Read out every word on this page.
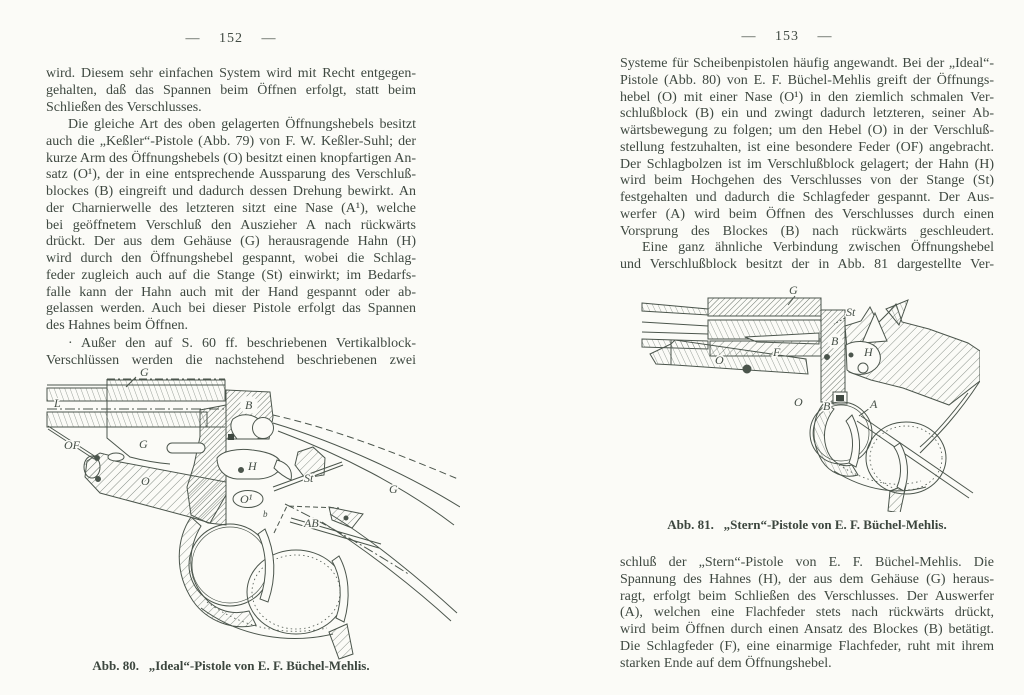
— 152 —
wird. Diesem sehr einfachen System wird mit Recht entgegen-
gehalten, daß das Spannen beim Öffnen erfolgt, statt beim
Schließen des Verschlusses.
Die gleiche Art des oben gelagerten Öffnungshebels besitzt
auch die „Keßler“-Pistole (Abb. 79) von F. W. Keßler-Suhl; der
kurze Arm des Öffnungshebels (O) besitzt einen knopfartigen An-
satz (O¹), der in eine entsprechende Aussparung des Verschluß-
blockes (B) eingreift und dadurch dessen Drehung bewirkt. An
der Charnierwelle des letzteren sitzt eine Nase (A¹), welche
bei geöffnetem Verschluß den Auszieher A nach rückwärts
drückt. Der aus dem Gehäuse (G) herausragende Hahn (H)
wird durch den Öffnungshebel gespannt, wobei die Schlag-
feder zugleich auch auf die Stange (St) einwirkt; im Bedarfs-
falle kann der Hahn auch mit der Hand gespannt oder ab-
gelassen werden. Auch bei dieser Pistole erfolgt das Spannen
des Hahnes beim Öffnen.
· Außer den auf S. 60 ff. beschriebenen Vertikalblock-
Verschlüssen werden die nachstehend beschriebenen zwei
G
L
OF	G
O
B
H
O¹
St
AB
b
G
Abb. 80.   „Ideal“-Pistole von E. F. Büchel-Mehlis.
— 153 —
Systeme für Scheibenpistolen häufig angewandt. Bei der „Ideal“-
Pistole (Abb. 80) von E. F. Büchel-Mehlis greift der Öffnungs-
hebel (O) mit einer Nase (O¹) in den ziemlich schmalen Ver-
schlußblock (B) ein und zwingt dadurch letzteren, seiner Ab-
wärtsbewegung zu folgen; um den Hebel (O) in der Verschluß-
stellung festzuhalten, ist eine besondere Feder (OF) angebracht.
Der Schlagbolzen ist im Verschlußblock gelagert; der Hahn (H)
wird beim Hochgehen des Verschlusses von der Stange (St)
festgehalten und dadurch die Schlagfeder gespannt. Der Aus-
werfer (A) wird beim Öffnen des Verschlusses durch einen
Vorsprung des Blockes (B) nach rückwärts geschleudert.
Eine ganz ähnliche Verbindung zwischen Öffnungshebel
und Verschlußblock besitzt der in Abb. 81 dargestellte Ver-
G
St
B
H
F
O
O B	A
Abb. 81.   „Stern“-Pistole von E. F. Büchel-Mehlis.
schluß der „Stern“-Pistole von E. F. Büchel-Mehlis. Die
Spannung des Hahnes (H), der aus dem Gehäuse (G) heraus-
ragt, erfolgt beim Schließen des Verschlusses. Der Auswerfer
(A), welchen eine Flachfeder stets nach rückwärts drückt,
wird beim Öffnen durch einen Ansatz des Blockes (B) betätigt.
Die Schlagfeder (F), eine einarmige Flachfeder, ruht mit ihrem
starken Ende auf dem Öffnungshebel.
